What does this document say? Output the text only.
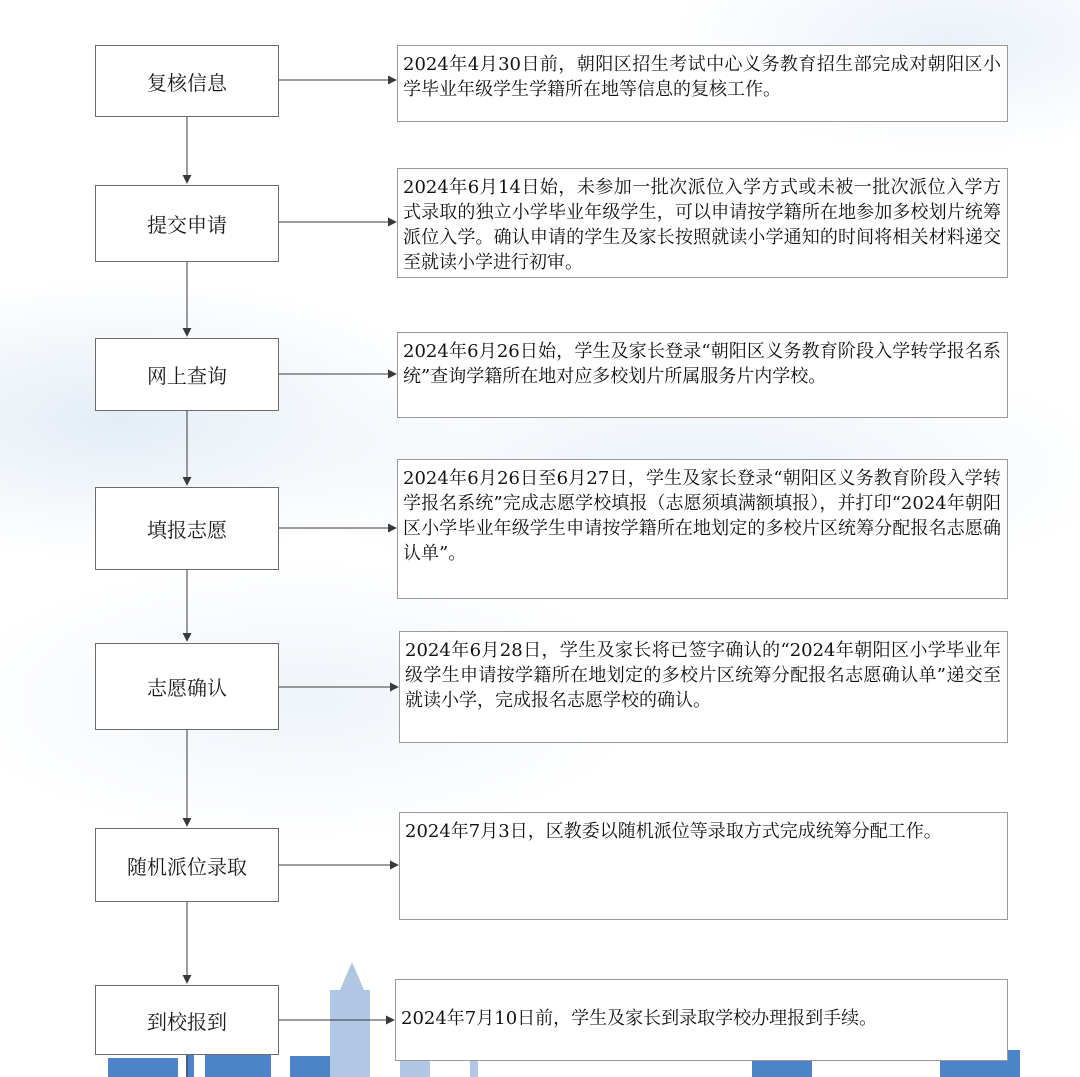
复核信息
提交申请
网上查询
填报志愿
志愿确认
随机派位录取
到校报到
2024年4月30日前，朝阳区招生考试中心义务教育招生部完成对朝阳区小学毕业年级学生学籍所在地等信息的复核工作。
2024年6月14日始，未参加一批次派位入学方式或未被一批次派位入学方式录取的独立小学毕业年级学生，可以申请按学籍所在地参加多校划片统筹派位入学。确认申请的学生及家长按照就读小学通知的时间将相关材料递交至就读小学进行初审。
2024年6月26日始，学生及家长登录“朝阳区义务教育阶段入学转学报名系统”查询学籍所在地对应多校划片所属服务片内学校。
2024年6月26日至6月27日，学生及家长登录“朝阳区义务教育阶段入学转学报名系统”完成志愿学校填报（志愿须填满额填报），并打印“2024年朝阳区小学毕业年级学生申请按学籍所在地划定的多校片区统筹分配报名志愿确认单”。
2024年6月28日，学生及家长将已签字确认的“2024年朝阳区小学毕业年级学生申请按学籍所在地划定的多校片区统筹分配报名志愿确认单”递交至就读小学，完成报名志愿学校的确认。
2024年7月3日，区教委以随机派位等录取方式完成统筹分配工作。
2024年7月10日前，学生及家长到录取学校办理报到手续。
